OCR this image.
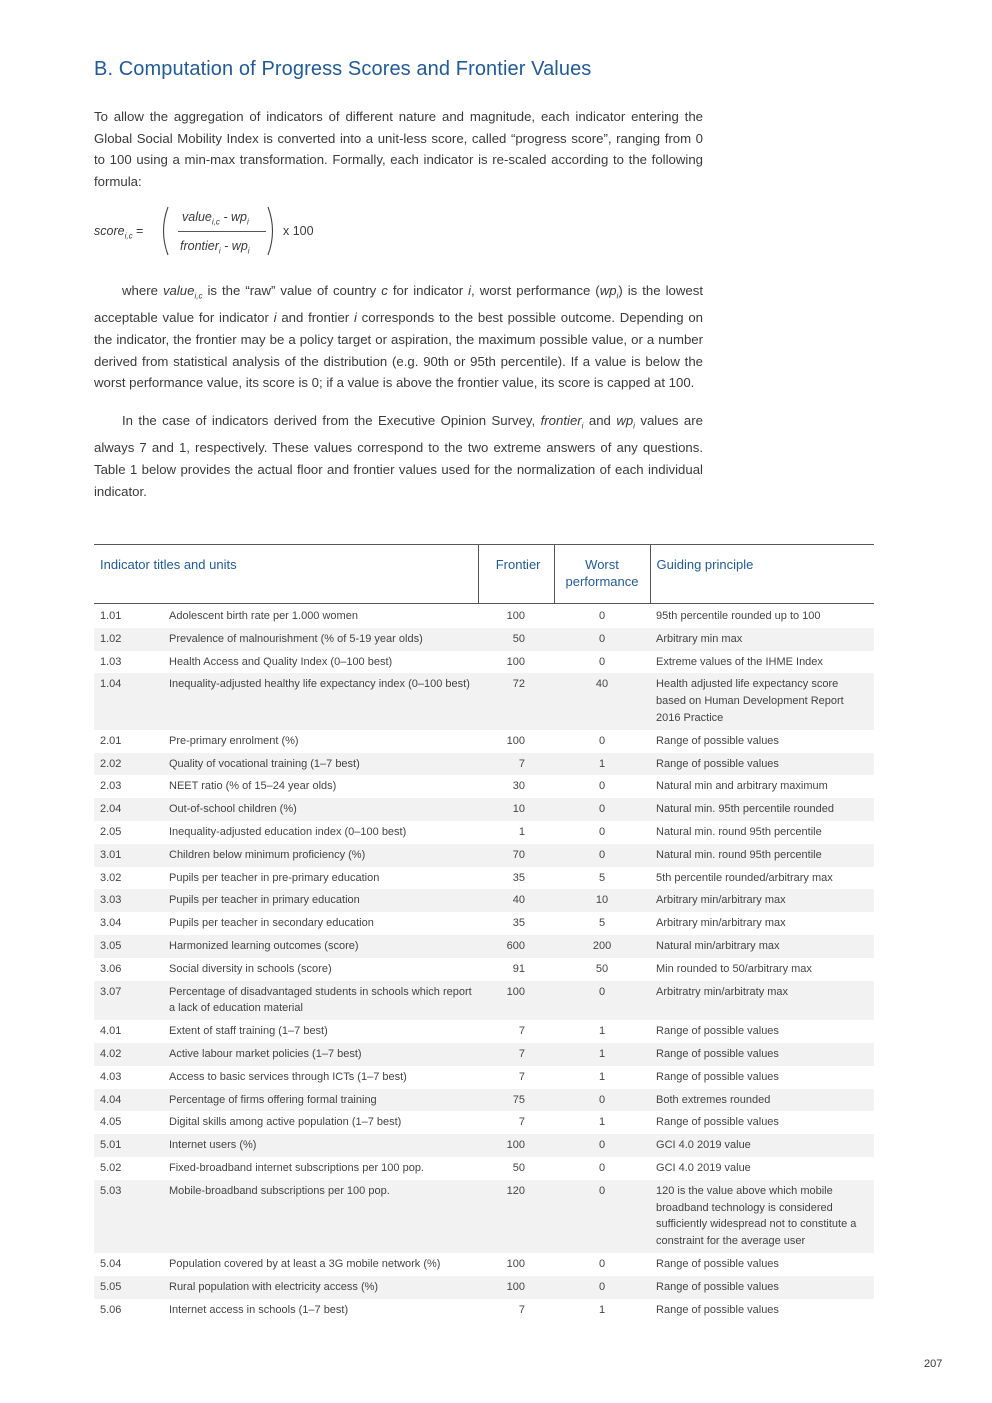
B. Computation of Progress Scores and Frontier Values

To allow the aggregation of indicators of different nature and magnitude, each indicator entering the Global Social Mobility Index is converted into a unit-less score, called “progress score”, ranging from 0 to 100 using a min-max transformation. Formally, each indicator is re-scaled according to the following formula:

score$_{i,c}$ =
value$_{i,c}$ - $wp_i$
frontier$_i$ - $wp_i$
x 100

where value$_{i,c}$ is the “raw” value of country c for indicator i, worst performance $(wp_i)$ is the lowest acceptable value for indicator i and frontier i corresponds to the best possible outcome. Depending on the indicator, the frontier may be a policy target or aspiration, the maximum possible value, or a number derived from statistical analysis of the distribution (e.g. 90th or 95th percentile). If a value is below the worst performance value, its score is 0; if a value is above the frontier value, its score is capped at 100.

In the case of indicators derived from the Executive Opinion Survey, frontier$_i$ and $wp_i$ values are always 7 and 1, respectively. These values correspond to the two extreme answers of any questions. Table 1 below provides the actual floor and frontier values used for the normalization of each individual indicator.

Indicator titles and units		Frontier	Worst performance	Guiding principle
1.01	Adolescent birth rate per 1.000 women	100	0	95th percentile rounded up to 100
1.02	Prevalence of malnourishment (% of 5-19 year olds)	50	0	Arbitrary min max
1.03	Health Access and Quality Index (0–100 best)	100	0	Extreme values of the IHME Index
1.04	Inequality-adjusted healthy life expectancy index (0–100 best)	72	40	Health adjusted life expectancy score based on Human Development Report 2016 Practice
2.01	Pre-primary enrolment (%)	100	0	Range of possible values
2.02	Quality of vocational training (1–7 best)	7	1	Range of possible values
2.03	NEET ratio (% of 15–24 year olds)	30	0	Natural min and arbitrary maximum
2.04	Out-of-school children (%)	10	0	Natural min. 95th percentile rounded
2.05	Inequality-adjusted education index (0–100 best)	1	0	Natural min. round 95th percentile
3.01	Children below minimum proficiency (%)	70	0	Natural min. round 95th percentile
3.02	Pupils per teacher in pre-primary education	35	5	5th percentile rounded/arbitrary max
3.03	Pupils per teacher in primary education	40	10	Arbitrary min/arbitrary max
3.04	Pupils per teacher in secondary education	35	5	Arbitrary min/arbitrary max
3.05	Harmonized learning outcomes (score)	600	200	Natural min/arbitrary max
3.06	Social diversity in schools (score)	91	50	Min rounded to 50/arbitrary max
3.07	Percentage of disadvantaged students in schools which report a lack of education material	100	0	Arbitratry min/arbitraty max
4.01	Extent of staff training (1–7 best)	7	1	Range of possible values
4.02	Active labour market policies (1–7 best)	7	1	Range of possible values
4.03	Access to basic services through ICTs (1–7 best)	7	1	Range of possible values
4.04	Percentage of firms offering formal training	75	0	Both extremes rounded
4.05	Digital skills among active population (1–7 best)	7	1	Range of possible values
5.01	Internet users (%)	100	0	GCI 4.0 2019 value
5.02	Fixed-broadband internet subscriptions per 100 pop.	50	0	GCI 4.0 2019 value
5.03	Mobile-broadband subscriptions per 100 pop.	120	0	120 is the value above which mobile broadband technology is considered sufficiently widespread not to constitute a constraint for the average user
5.04	Population covered by at least a 3G mobile network (%)	100	0	Range of possible values
5.05	Rural population with electricity access (%)	100	0	Range of possible values
5.06	Internet access in schools (1–7 best)	7	1	Range of possible values
207
